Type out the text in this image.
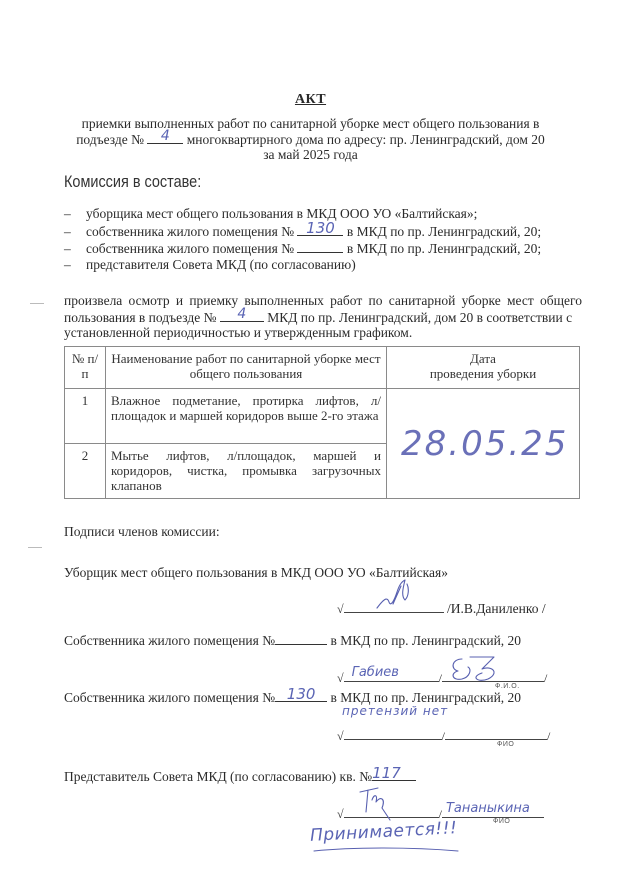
АКТ
приемки выполненных работ по санитарной уборке мест общего пользования в
подъезде №	4	многоквартирного дома по адресу: пр. Ленинградский, дом 20
за май 2025 года
Комиссия в составе:
– уборщика мест общего пользования в МКД ООО УО «Балтийская»;
– собственника жилого помещения № 130 в МКД по пр. Ленинградский, 20;
– собственника жилого помещения №	в МКД по пр. Ленинградский, 20;
– представителя Совета МКД (по согласованию)
произвела осмотр и приемку выполненных работ по санитарной уборке мест общего
пользования в подъезде №	4	МКД по пр. Ленинградский, дом 20 в соответствии с
установленной периодичностью и утвержденным графиком.
№ п/п	Наименование работ по санитарной уборке мест общего пользования	Дата
проведения уборки

1	Влажное подметание, протирка лифтов, л/площадок и маршей коридоров выше 2-го этажа	28.05.25

2	Мытье лифтов, л/площадок, маршей и коридоров, чистка, промывка загрузочных клапанов	
Подписи членов комиссии:
Уборщик мест общего пользования в МКД ООО УО «Балтийская»
√	/И.В.Даниленко /
Собственника жилого помещения №	в МКД по пр. Ленинградский, 20
√ Габиев	/	/
Ф.И.О.
Собственника жилого помещения № 130	в МКД по пр. Ленинградский, 20
претензий нет
√	/	/
ФИО
Представитель Совета МКД (по согласованию) кв. № 117
√	/ Тананыкина
ФИО
Принимается!!!
